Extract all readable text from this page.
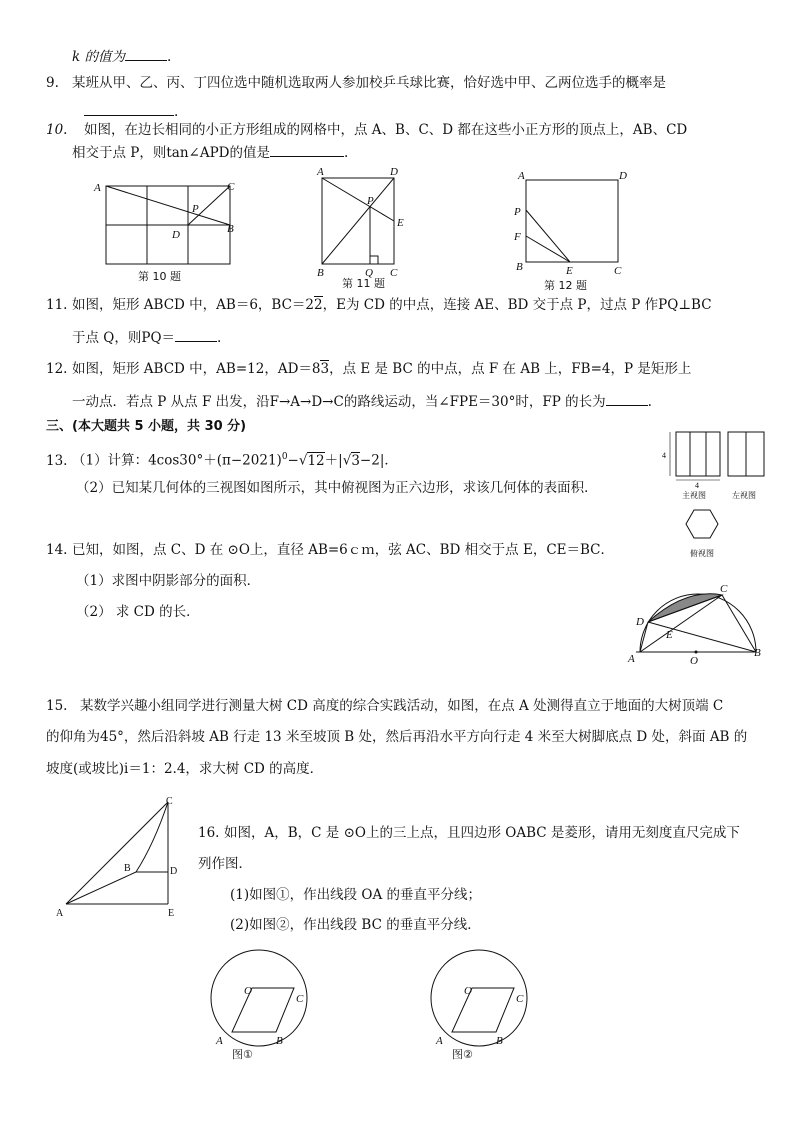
k 的值为	.
9. 某班从甲、乙、丙、丁四位选中随机选取两人参加校乒乓球比赛，恰好选中甲、乙两位选手的概率是
.
10. 如图，在边长相同的小正方形组成的网格中，点 A、B、C、D 都在这些小正方形的顶点上，AB、CD
相交于点 P，则tan∠APD的值是	.
A	C
P
B
D
第 10 题
A	D
P
E
B	Q C
第 11 题
A	D
P
F
B	E	C
第 12 题
11. 如图，矩形 ABCD 中，AB＝6，BC＝22，E为 CD 的中点，连接 AE、BD 交于点 P，过点 P 作PQ⊥BC
于点 Q，则PQ＝	.
12. 如图，矩形 ABCD 中，AB=12，AD＝83，点 E 是 BC 的中点，点 F 在 AB 上，FB=4，P 是矩形上
一动点．若点 P 从点 F 出发，沿F→A→D→C的路线运动，当∠FPE＝30°时，FP 的长为	.
三、(本大题共 5 小题，共 30 分)
13. （1）计算：$4\cos 30^\circ+(\pi-2021)^0-√12+|√3-2|$．
（2）已知某几何体的三视图如图所示，其中俯视图为正六边形，求该几何体的表面积．
4
4
主视图	左视图
俯视图
14. 已知，如图，点 C、D 在 ⊙O上，直径 AB=6ｃｍ，弦 AC、BD 相交于点 E，CE＝BC．
（1）求图中阴影部分的面积．
（2） 求 CD 的长．
C
D
E
A	O
B
15. 某数学兴趣小组同学进行测量大树 CD 高度的综合实践活动，如图，在点 A 处测得直立于地面的大树顶端 C
的仰角为45°，然后沿斜坡 AB 行走 13 米至坡顶 B 处，然后再沿水平方向行走 4 米至大树脚底点 D 处，斜面 AB 的
坡度(或坡比)i＝1：2.4，求大树 CD 的高度．
C
B	D
A	E
16. 如图，A，B，C 是 ⊙O上的三上点，且四边形 OABC 是菱形，请用无刻度直尺完成下
列作图．
(1)如图①，作出线段 OA 的垂直平分线；
(2)如图②，作出线段 BC 的垂直平分线．
O
C
A	B
图①
O
C
A	B
图②
